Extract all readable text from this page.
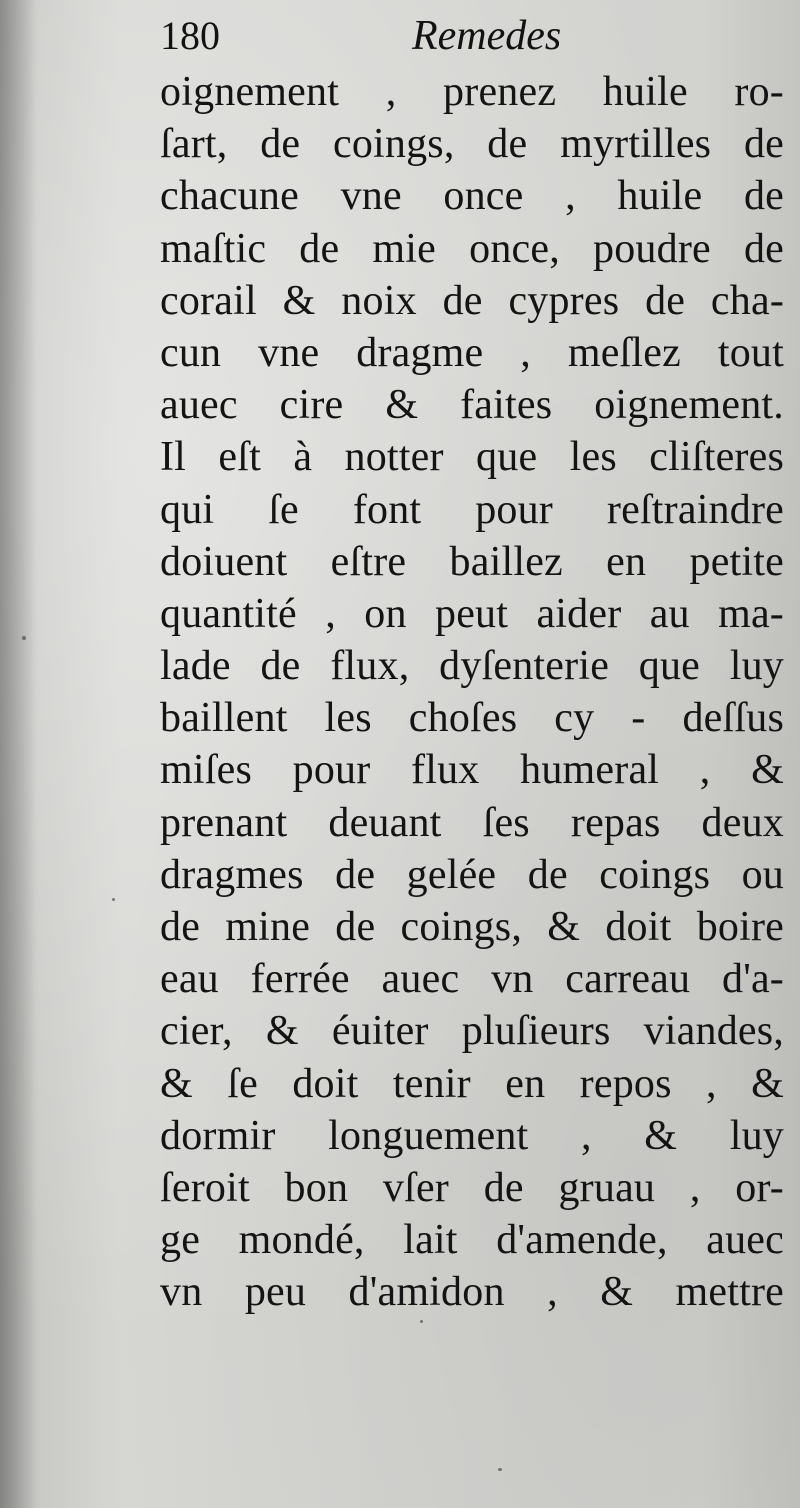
180	Remedes
oignement , prenez huile ro-
ſart, de coings, de myrtilles de
chacune vne once , huile de
maſtic de mie once, poudre de
corail & noix de cypres de cha-
cun vne dragme , meſlez tout
auec cire & faites oignement.
Il eſt à notter que les cliſteres
qui ſe font pour reſtraindre
doiuent eſtre baillez en petite
quantité , on peut aider au ma-
lade de flux, dyſenterie que luy
baillent les choſes cy - deſſus
miſes pour flux humeral , &
prenant deuant ſes repas deux
dragmes de gelée de coings ou
de mine de coings, & doit boire
eau ferrée auec vn carreau d'a-
cier, & éuiter pluſieurs viandes,
& ſe doit tenir en repos , &
dormir longuement , & luy
ſeroit bon vſer de gruau , or-
ge mondé, lait d'amende, auec
vn peu d'amidon , & mettre
